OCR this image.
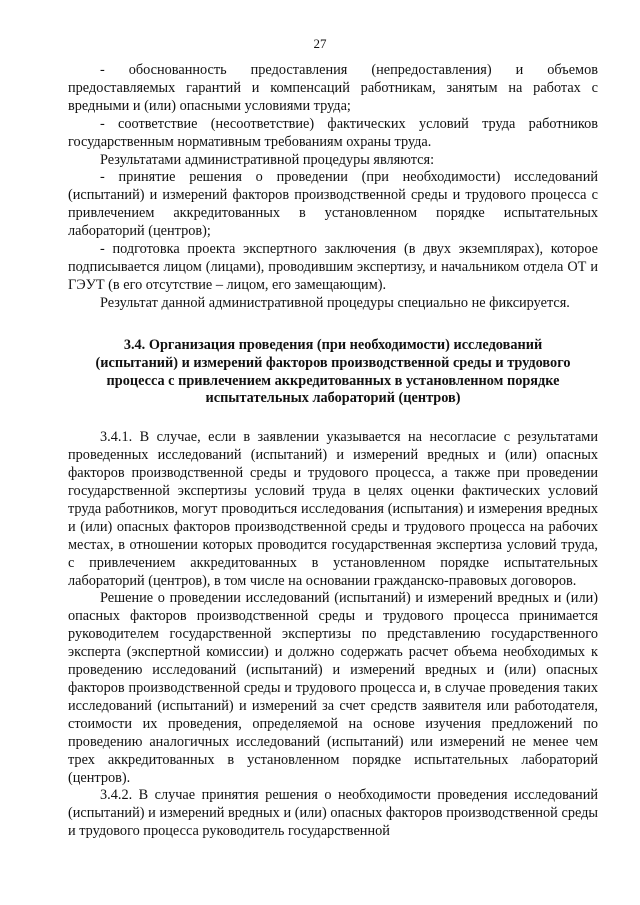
27

- обоснованность предоставления (непредоставления) и объемов предоставляемых гарантий и компенсаций работникам, занятым на работах с вредными и (или) опасными условиями труда;

- соответствие (несоответствие) фактических условий труда работников государственным нормативным требованиям охраны труда.

Результатами административной процедуры являются:

- принятие решения о проведении (при необходимости) исследований (испытаний) и измерений факторов производственной среды и трудового процесса с привлечением аккредитованных в установленном порядке испытательных лабораторий (центров);

- подготовка проекта экспертного заключения (в двух экземплярах), которое подписывается лицом (лицами), проводившим экспертизу, и начальником отдела ОТ и ГЭУТ (в его отсутствие – лицом, его замещающим).

Результат данной административной процедуры специально не фиксируется.

3.4. Организация проведения (при необходимости) исследований
(испытаний) и измерений факторов производственной среды и трудового
процесса с привлечением аккредитованных в установленном порядке
испытательных лабораторий (центров)

3.4.1. В случае, если в заявлении указывается на несогласие с результатами проведенных исследований (испытаний) и измерений вредных и (или) опасных факторов производственной среды и трудового процесса, а также при проведении государственной экспертизы условий труда в целях оценки фактических условий труда работников, могут проводиться исследования (испытания) и измерения вредных и (или) опасных факторов производственной среды и трудового процесса на рабочих местах, в отношении которых проводится государственная экспертиза условий труда, с привлечением аккредитованных в установленном порядке испытательных лабораторий (центров), в том числе на основании гражданско-правовых договоров.

Решение о проведении исследований (испытаний) и измерений вредных и (или) опасных факторов производственной среды и трудового процесса принимается руководителем государственной экспертизы по представлению государственного эксперта (экспертной комиссии) и должно содержать расчет объема необходимых к проведению исследований (испытаний) и измерений вредных и (или) опасных факторов производственной среды и трудового процесса и, в случае проведения таких исследований (испытаний) и измерений за счет средств заявителя или работодателя, стоимости их проведения, определяемой на основе изучения предложений по проведению аналогичных исследований (испытаний) или измерений не менее чем трех аккредитованных в установленном порядке испытательных лабораторий (центров).

3.4.2. В случае принятия решения о необходимости проведения исследований (испытаний) и измерений вредных и (или) опасных факторов производственной среды и трудового процесса руководитель государственной
